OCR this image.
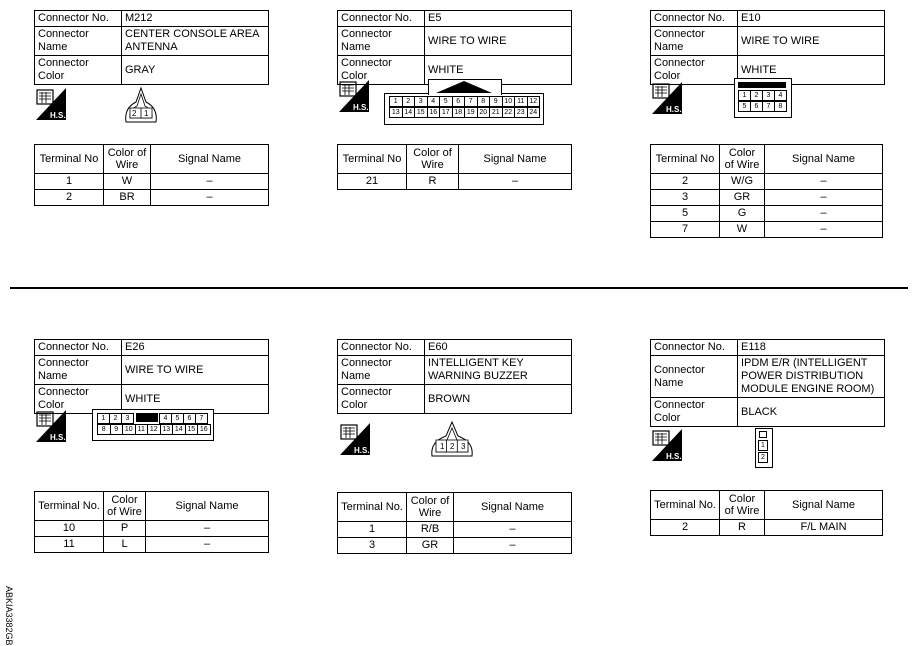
Connector No.	M212
Connector Name	CENTER CONSOLE AREA ANTENNA
Connector Color	GRAY
H.S.	2 1
Terminal No	Color of Wire	Signal Name
1	W	–
2	BR	–
Connector No.	E5
Connector Name	WIRE TO WIRE
Connector Color	WHITE
H.S.
1	2	3	4	5	6	7	8	9 10 11 12
13 14 15 16 17 18 19 20 21 22 23 24
Terminal No	Color of Wire	Signal Name
21	R	–
Connector No.	E10
Connector Name	WIRE TO WIRE
Connector Color	WHITE
H.S.
1	2	3	4
5	6	7	8
Terminal No	Color of Wire	Signal Name
2	W/G	–
3	GR	–
5	G	–
7	W	–
Connector No.	E26
Connector Name	WIRE TO WIRE
Connector Color	WHITE
H.S.
1	2	3	4	5	6	7
8	9 10 11 12 13 14 15 16
Terminal No.	Color of Wire	Signal Name
10	P	–
11	L	–
Connector No.	E60
Connector Name	INTELLIGENT KEY WARNING BUZZER
Connector Color	BROWN
H.S.	1 2 3
Terminal No.	Color of Wire	Signal Name
1	R/B	–
3	GR	–
Connector No.	E118
Connector Name	IPDM E/R (INTELLIGENT POWER DISTRIBUTION MODULE ENGINE ROOM)
Connector Color	BLACK
H.S.
1
2
Terminal No.	Color of Wire	Signal Name
2	R	F/L MAIN
ABKIA3382GB
